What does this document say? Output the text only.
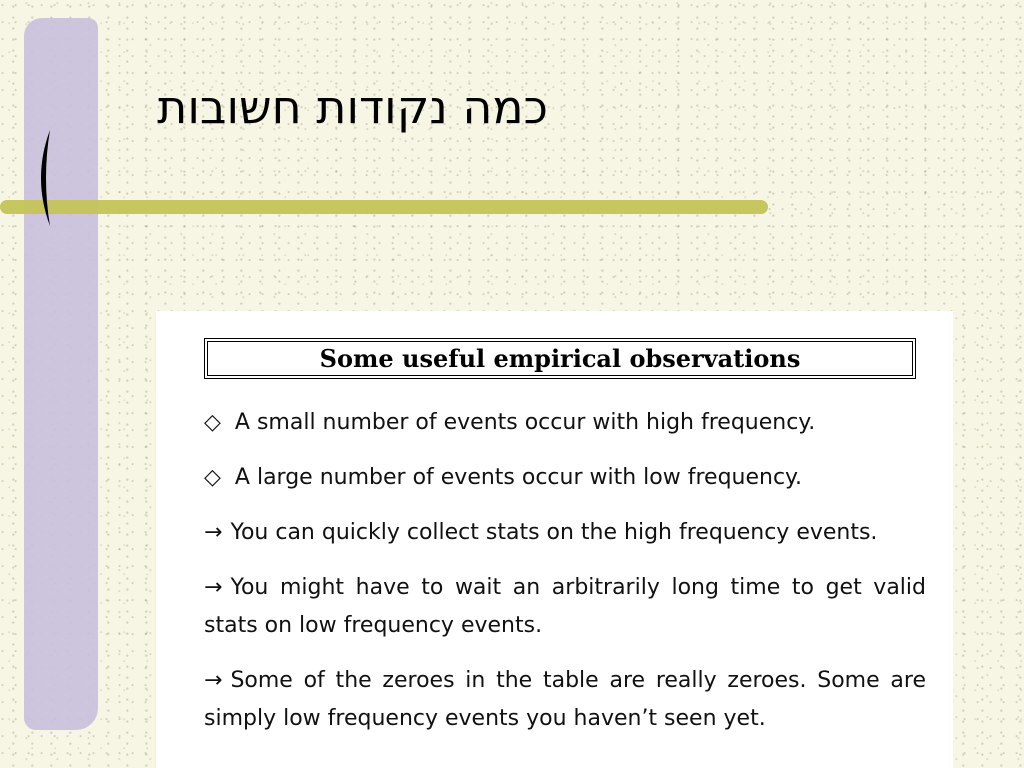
כמה נקודות חשובות
Some useful empirical observations
◇ A small number of events occur with high frequency.
◇ A large number of events occur with low frequency.
→ You can quickly collect stats on the high frequency events.
→ You might have to wait an arbitrarily long time to get valid stats on low frequency events.
→ Some of the zeroes in the table are really zeroes. Some are simply low frequency events you haven’t seen yet.
